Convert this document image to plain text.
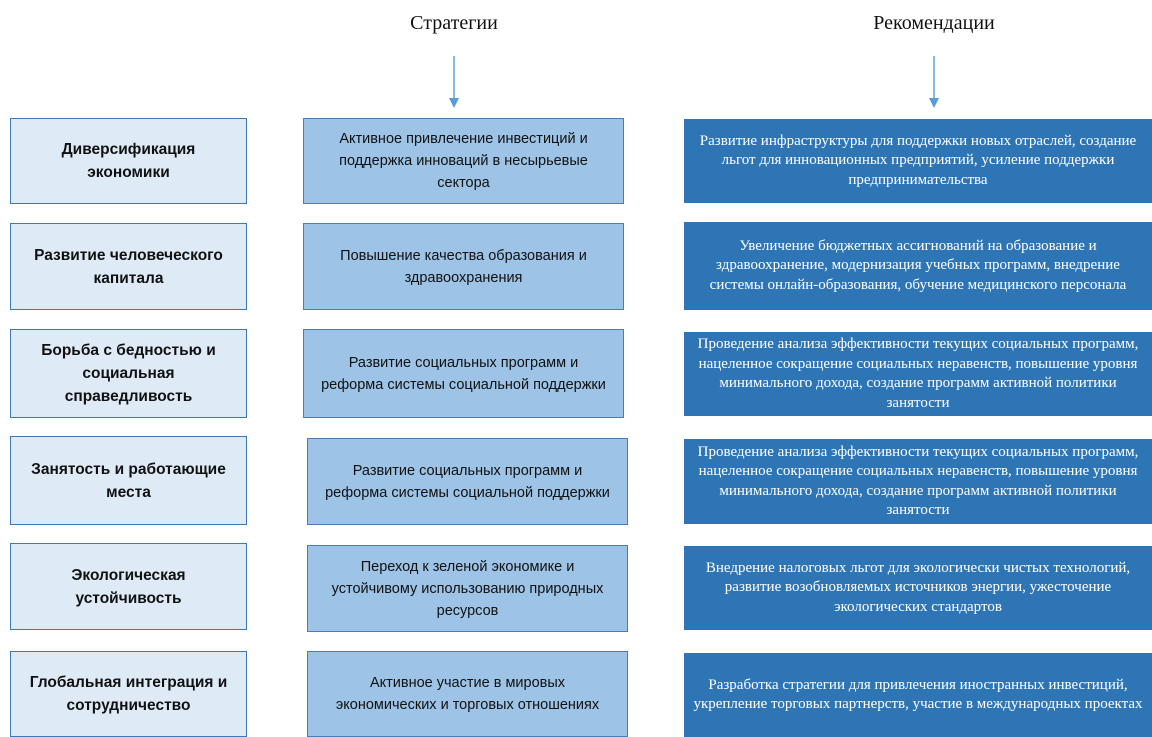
Стратегии	Рекомендации
Диверсификация экономики
Активное привлечение инвестиций и поддержка инноваций в несырьевые сектора
Развитие инфраструктуры для поддержки новых отраслей, создание льгот для инновационных предприятий, усиление поддержки предпринимательства
Развитие человеческого капитала
Повышение качества образования и здравоохранения
Увеличение бюджетных ассигнований на образование и здравоохранение, модернизация учебных программ, внедрение системы онлайн-образования, обучение медицинского персонала
Борьба с бедностью и социальная справедливость
Развитие социальных программ и реформа системы социальной поддержки
Проведение анализа эффективности текущих социальных программ, нацеленное сокращение социальных неравенств, повышение уровня минимального дохода, создание программ активной политики занятости
Занятость и работающие места
Развитие социальных программ и реформа системы социальной поддержки
Проведение анализа эффективности текущих социальных программ, нацеленное сокращение социальных неравенств, повышение уровня минимального дохода, создание программ активной политики занятости
Экологическая устойчивость
Переход к зеленой экономике и устойчивому использованию природных ресурсов
Внедрение налоговых льгот для экологически чистых технологий, развитие возобновляемых источников энергии, ужесточение экологических стандартов
Глобальная интеграция и сотрудничество
Активное участие в мировых экономических и торговых отношениях
Разработка стратегии для привлечения иностранных инвестиций, укрепление торговых партнерств, участие в международных проектах
